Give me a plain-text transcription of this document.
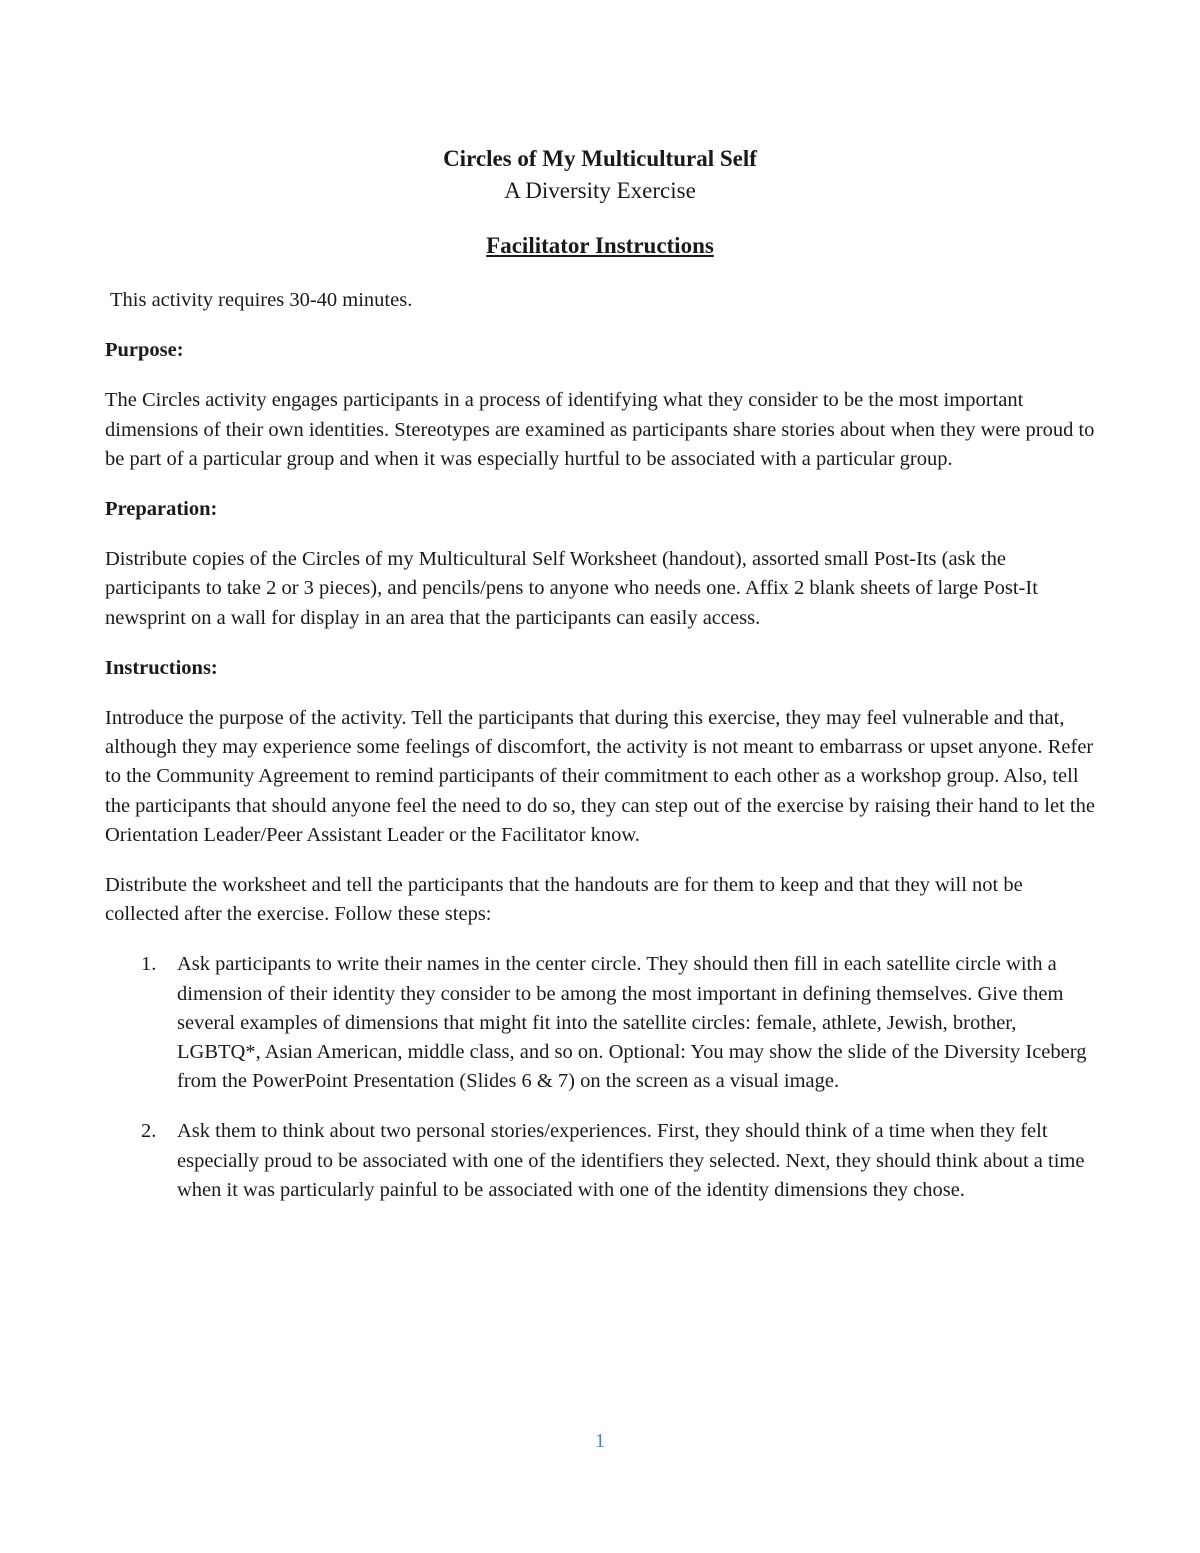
Circles of My Multicultural Self

A Diversity Exercise

Facilitator Instructions

This activity requires 30-40 minutes.

Purpose:

The Circles activity engages participants in a process of identifying what they consider to be the most important dimensions of their own identities. Stereotypes are examined as participants share stories about when they were proud to be part of a particular group and when it was especially hurtful to be associated with a particular group.

Preparation:

Distribute copies of the Circles of my Multicultural Self Worksheet (handout), assorted small Post-Its (ask the participants to take 2 or 3 pieces), and pencils/pens to anyone who needs one. Affix 2 blank sheets of large Post-It newsprint on a wall for display in an area that the participants can easily access.

Instructions:

Introduce the purpose of the activity. Tell the participants that during this exercise, they may feel vulnerable and that, although they may experience some feelings of discomfort, the activity is not meant to embarrass or upset anyone. Refer to the Community Agreement to remind participants of their commitment to each other as a workshop group. Also, tell the participants that should anyone feel the need to do so, they can step out of the exercise by raising their hand to let the Orientation Leader/Peer Assistant Leader or the Facilitator know.

Distribute the worksheet and tell the participants that the handouts are for them to keep and that they will not be collected after the exercise. Follow these steps:

1. Ask participants to write their names in the center circle. They should then fill in each satellite circle with a dimension of their identity they consider to be among the most important in defining themselves. Give them several examples of dimensions that might fit into the satellite circles: female, athlete, Jewish, brother, LGBTQ*, Asian American, middle class, and so on. Optional: You may show the slide of the Diversity Iceberg from the PowerPoint Presentation (Slides 6 & 7) on the screen as a visual image.
2. Ask them to think about two personal stories/experiences. First, they should think of a time when they felt especially proud to be associated with one of the identifiers they selected. Next, they should think about a time when it was particularly painful to be associated with one of the identity dimensions they chose.
1
